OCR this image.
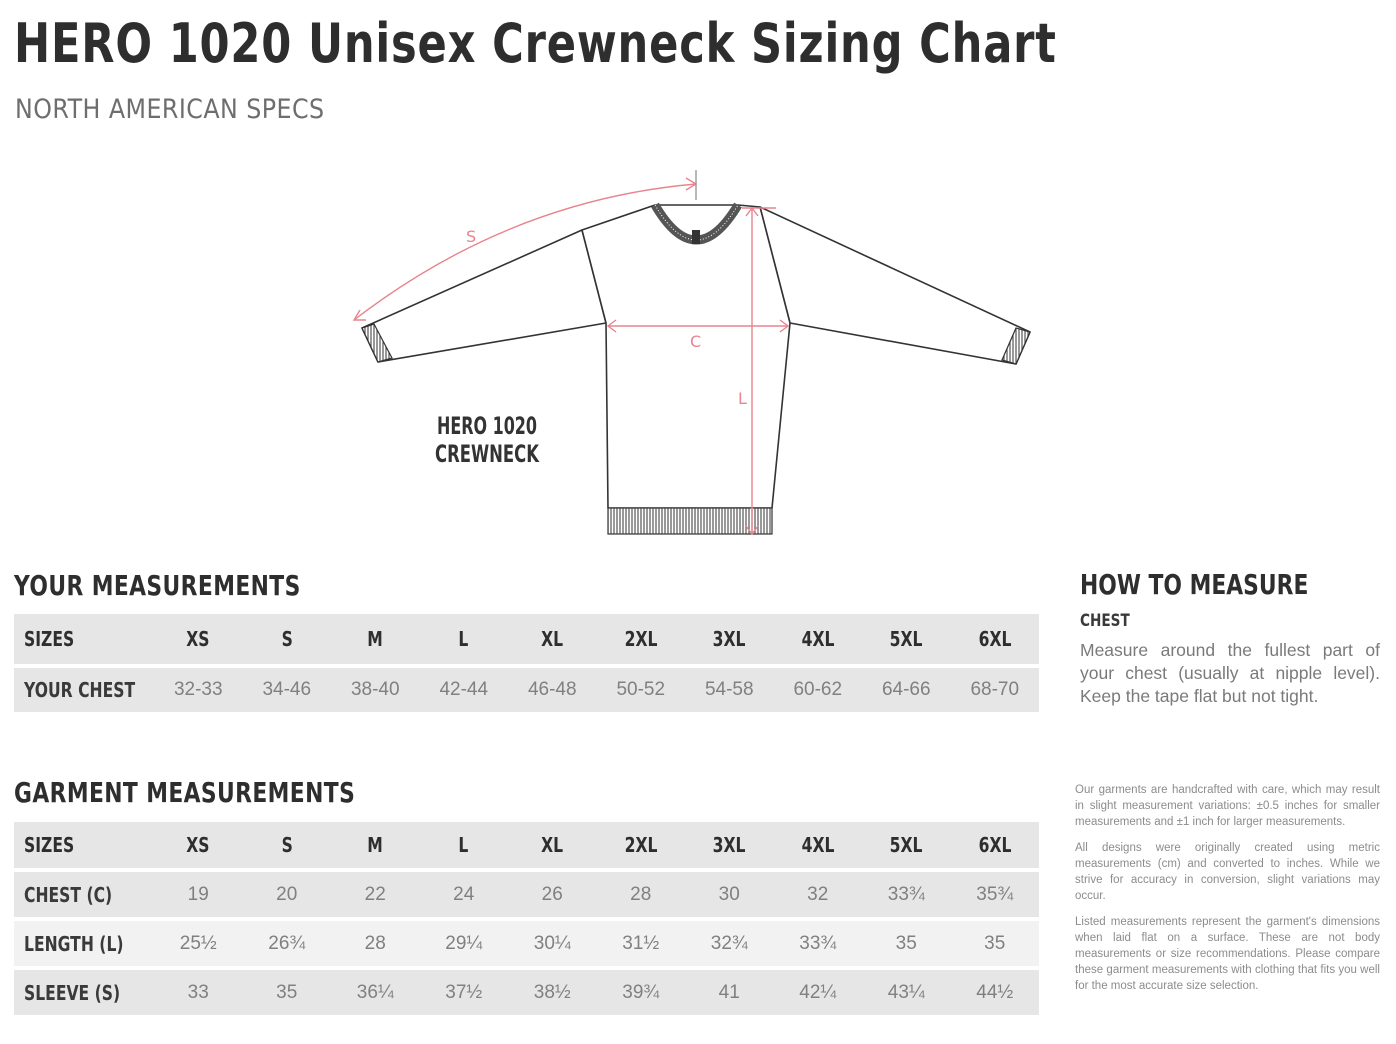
HERO 1020 Unisex Crewneck Sizing Chart
NORTH AMERICAN SPECS
S
C
L
HERO 1020
CREWNECK
YOUR MEASUREMENTS
SIZES	XS	S	M	L	XL	2XL	3XL	4XL	5XL	6XL

YOUR CHEST	32-33	34-46	38-40	42-44	46-48	50-52	54-58	60-62	64-66	68-70
GARMENT MEASUREMENTS
SIZES	XS	S	M	L	XL	2XL	3XL	4XL	5XL	6XL

CHEST (C)	19	20	22	24	26	28	30	32	33¾	35¾

LENGTH (L)	25½	26¾	28	29¼	30¼	31½	32¾	33¾	35	35

SLEEVE (S)	33	35	36¼	37½	38½	39¾	41	42¼	43¼	44½
HOW TO MEASURE
CHEST

Measure around the fullest part of your chest (usually at nipple level). Keep the tape flat but not tight.

Our garments are handcrafted with care, which may result in slight measurement variations: ±0.5 inches for smaller measurements and ±1 inch for larger measurements.

All designs were originally created using metric measurements (cm) and converted to inches. While we strive for accuracy in conversion, slight variations may occur.

Listed measurements represent the garment's dimensions when laid flat on a surface. These are not body measurements or size recommendations. Please compare these garment measurements with clothing that fits you well for the most accurate size selection.
